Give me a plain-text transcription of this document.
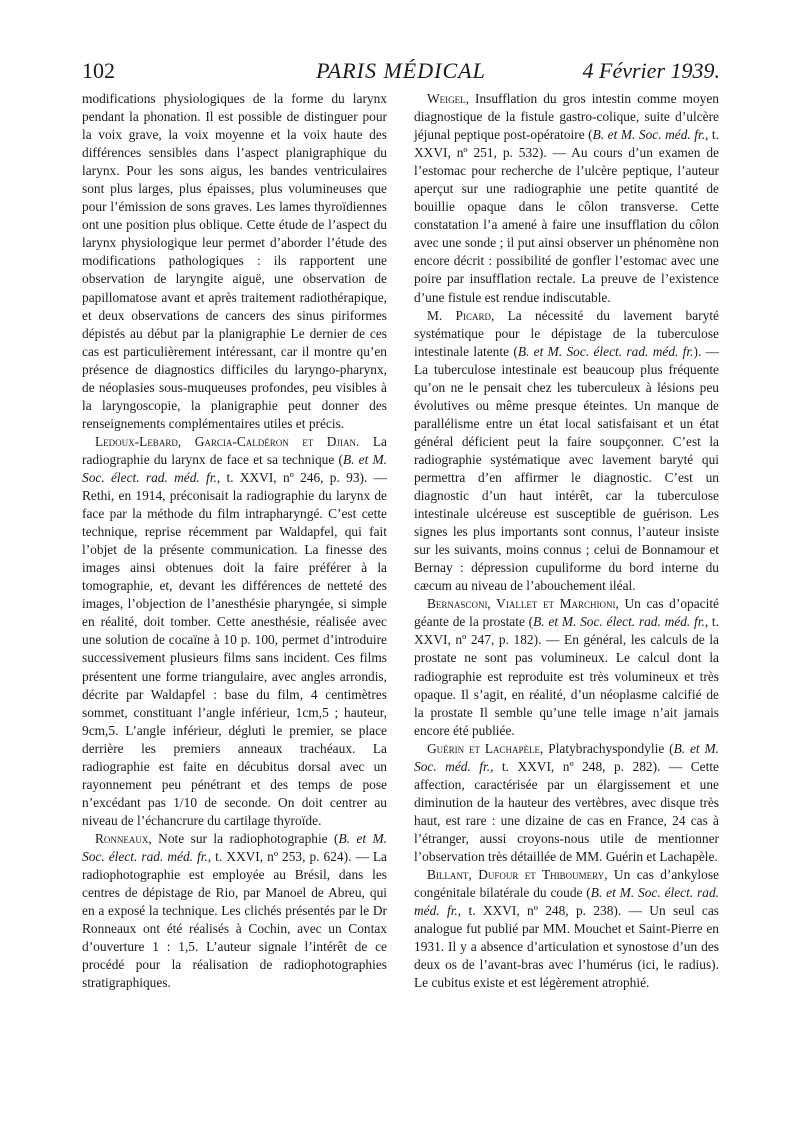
102	PARIS MÉDICAL	4 Février 1939.

modifications physiologiques de la forme du larynx pendant la phonation. Il est possible de distinguer pour la voix grave, la voix moyenne et la voix haute des différences sensibles dans l’aspect planigraphique du larynx. Pour les sons aigus, les bandes ventriculaires sont plus larges, plus épaisses, plus volumineuses que pour l’émission de sons graves. Les lames thyroïdiennes ont une position plus oblique. Cette étude de l’aspect du larynx physiologique leur permet d’aborder l’étude des modifications pathologiques : ils rapportent une observation de laryngite aiguë, une observation de papillomatose avant et après traitement radiothérapique, et deux observations de cancers des sinus piriformes dépistés au début par la planigraphie Le dernier de ces cas est particulièrement intéressant, car il montre qu’en présence de diagnostics difficiles du laryngo-pharynx, de néoplasies sous-muqueuses profondes, peu visibles à la laryngoscopie, la planigraphie peut donner des renseignements complémentaires utiles et précis.

Ledoux-Lebard, Garcia-Caldéron et Djian. La radiographie du larynx de face et sa technique (B. et M. Soc. élect. rad. méd. fr., t. XXVI, nº 246, p. 93). — Rethi, en 1914, préconisait la radiographie du larynx de face par la méthode du film intrapharyngé. C’est cette technique, reprise récemment par Waldapfel, qui fait l’objet de la présente communication. La finesse des images ainsi obtenues doit la faire préférer à la tomographie, et, devant les différences de netteté des images, l’objection de l’anesthésie pharyngée, si simple en réalité, doit tomber. Cette anesthésie, réalisée avec une solution de cocaïne à 10 p. 100, permet d’introduire successivement plusieurs films sans incident. Ces films présentent une forme triangulaire, avec angles arrondis, décrite par Waldapfel : base du film, 4 centimètres sommet, constituant l’angle inférieur, 1cm,5 ; hauteur, 9cm,5. L’angle inférieur, dégluti le premier, se place derrière les premiers anneaux trachéaux. La radiographie est faite en décubitus dorsal avec un rayonnement peu pénétrant et des temps de pose n’excédant pas 1/10 de seconde. On doit centrer au niveau de l’échancrure du cartilage thyroïde.

Ronneaux, Note sur la radiophotographie (B. et M. Soc. élect. rad. méd. fr., t. XXVI, nº 253, p. 624). — La radiophotographie est employée au Brésil, dans les centres de dépistage de Rio, par Manoel de Abreu, qui en a exposé la technique. Les clichés présentés par le Dr Ronneaux ont été réalisés à Cochin, avec un Contax d’ouverture 1 : 1,5. L’auteur signale l’intérêt de ce procédé pour la réalisation de radiophotographies stratigraphiques.

Weigel, Insufflation du gros intestin comme moyen diagnostique de la fistule gastro-colique, suite d’ulcère jéjunal peptique post-opératoire (B. et M. Soc. méd. fr., t. XXVI, nº 251, p. 532). — Au cours d’un examen de l’estomac pour recherche de l’ulcère peptique, l’auteur aperçut sur une radiographie une petite quantité de bouillie opaque dans le côlon transverse. Cette constatation l’a amené à faire une insufflation du côlon avec une sonde ; il put ainsi observer un phénomène non encore décrit : possibilité de gonfler l’estomac avec une poire par insufflation rectale. La preuve de l’existence d’une fistule est rendue indiscutable.

M. Picard, La nécessité du lavement baryté systématique pour le dépistage de la tuberculose intestinale latente (B. et M. Soc. élect. rad. méd. fr.). — La tuberculose intestinale est beaucoup plus fréquente qu’on ne le pensait chez les tuberculeux à lésions peu évolutives ou même presque éteintes. Un manque de parallélisme entre un état local satisfaisant et un état général déficient peut la faire soupçonner. C’est la radiographie systématique avec lavement baryté qui permettra d’en affirmer le diagnostic. C’est un diagnostic d’un haut intérêt, car la tuberculose intestinale ulcéreuse est susceptible de guérison. Les signes les plus importants sont connus, l’auteur insiste sur les suivants, moins connus ; celui de Bonnamour et Bernay : dépression cupuliforme du bord interne du cæcum au niveau de l’abouchement iléal.

Bernasconi, Viallet et Marchioni, Un cas d’opacité géante de la prostate (B. et M. Soc. élect. rad. méd. fr., t. XXVI, nº 247, p. 182). — En général, les calculs de la prostate ne sont pas volumineux. Le calcul dont la radiographie est reproduite est très volumineux et très opaque. Il s’agit, en réalité, d’un néoplasme calcifié de la prostate Il semble qu’une telle image n’ait jamais encore été publiée.

Guérin et Lachapèle, Platybrachyspondylie (B. et M. Soc. méd. fr., t. XXVI, nº 248, p. 282). — Cette affection, caractérisée par un élargissement et une diminution de la hauteur des vertèbres, avec disque très haut, est rare : une dizaine de cas en France, 24 cas à l’étranger, aussi croyons-nous utile de mentionner l’observation très détaillée de MM. Guérin et Lachapèle.

Billant, Dufour et Thiboumery, Un cas d’ankylose congénitale bilatérale du coude (B. et M. Soc. élect. rad. méd. fr., t. XXVI, nº 248, p. 238). — Un seul cas analogue fut publié par MM. Mouchet et Saint-Pierre en 1931. Il y a absence d’articulation et synostose d’un des deux os de l’avant-bras avec l’humérus (ici, le radius). Le cubitus existe et est légèrement atrophié.
